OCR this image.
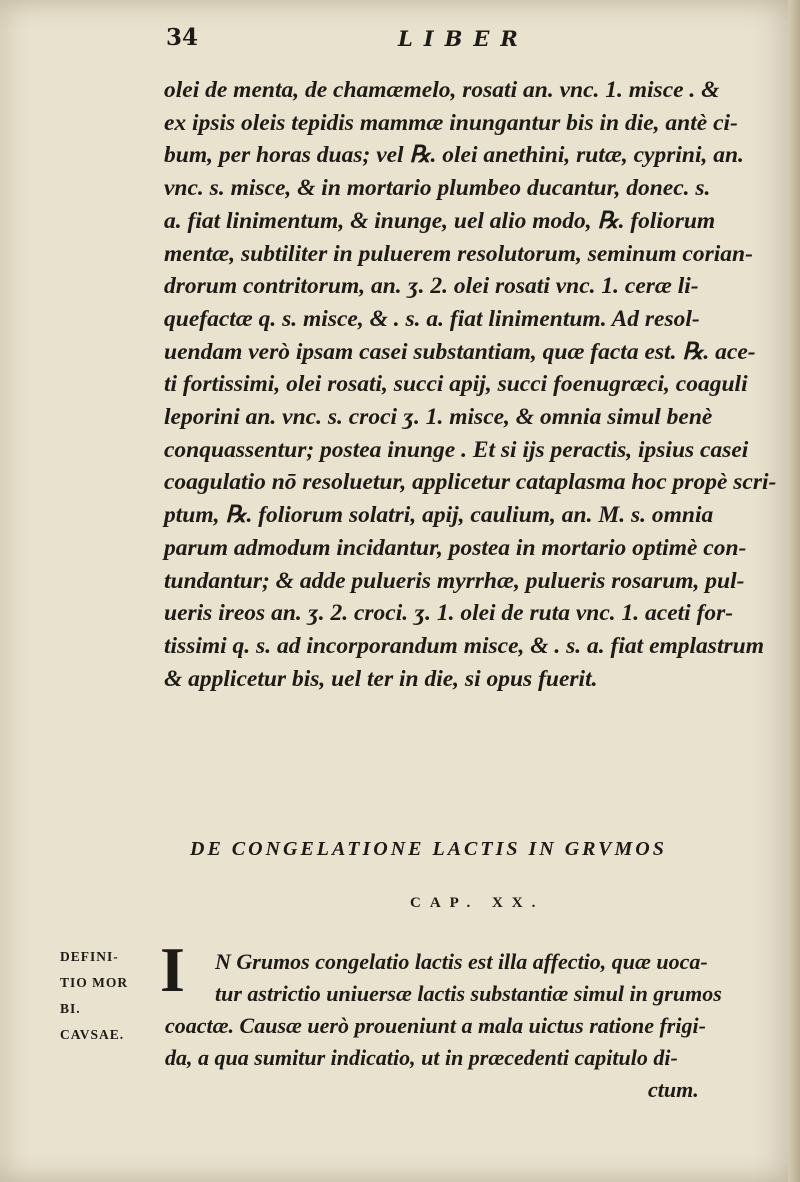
34	LIBER
olei de menta, de chamæmelo, rosati an. vnc. 1. misce . &
ex ipsis oleis tepidis mammæ inungantur bis in die, antè ci-
bum, per horas duas; vel ℞. olei anethini, rutæ, cyprini, an.
vnc. s. misce, & in mortario plumbeo ducantur, donec. s.
a. fiat linimentum, & inunge, uel alio modo, ℞. foliorum
mentæ, subtiliter in puluerem resolutorum, seminum corian-
drorum contritorum, an. ʒ. 2. olei rosati vnc. 1. ceræ li-
quefactæ q. s. misce, & . s. a. fiat linimentum. Ad resol-
uendam verò ipsam casei substantiam, quæ facta est. ℞. ace-
ti fortissimi, olei rosati, succi apij, succi foenugræci, coaguli
leporini an. vnc. s. croci ʒ. 1. misce, & omnia simul benè
conquassentur; postea inunge . Et si ijs peractis, ipsius casei
coagulatio nō resoluetur, applicetur cataplasma hoc propè scri-
ptum, ℞. foliorum solatri, apij, caulium, an. M. s. omnia
parum admodum incidantur, postea in mortario optimè con-
tundantur; & adde pulueris myrrhæ, pulueris rosarum, pul-
ueris ireos an. ʒ. 2. croci. ʒ. 1. olei de ruta vnc. 1. aceti for-
tissimi q. s. ad incorporandum misce, & . s. a. fiat emplastrum
& applicetur bis, uel ter in die, si opus fuerit.
DE CONGELATIONE LACTIS IN GRVMOS
CAP. XX.
DEFINI-
TIO MOR
BI.
CAVSAE.
I N Grumos congelatio lactis est illa affectio, quæ uoca-
tur astrictio uniuersæ lactis substantiæ simul in grumos
coactæ. Causæ uerò proueniunt a mala uictus ratione frigi-
da, a qua sumitur indicatio, ut in præcedenti capitulo di-
ctum.
